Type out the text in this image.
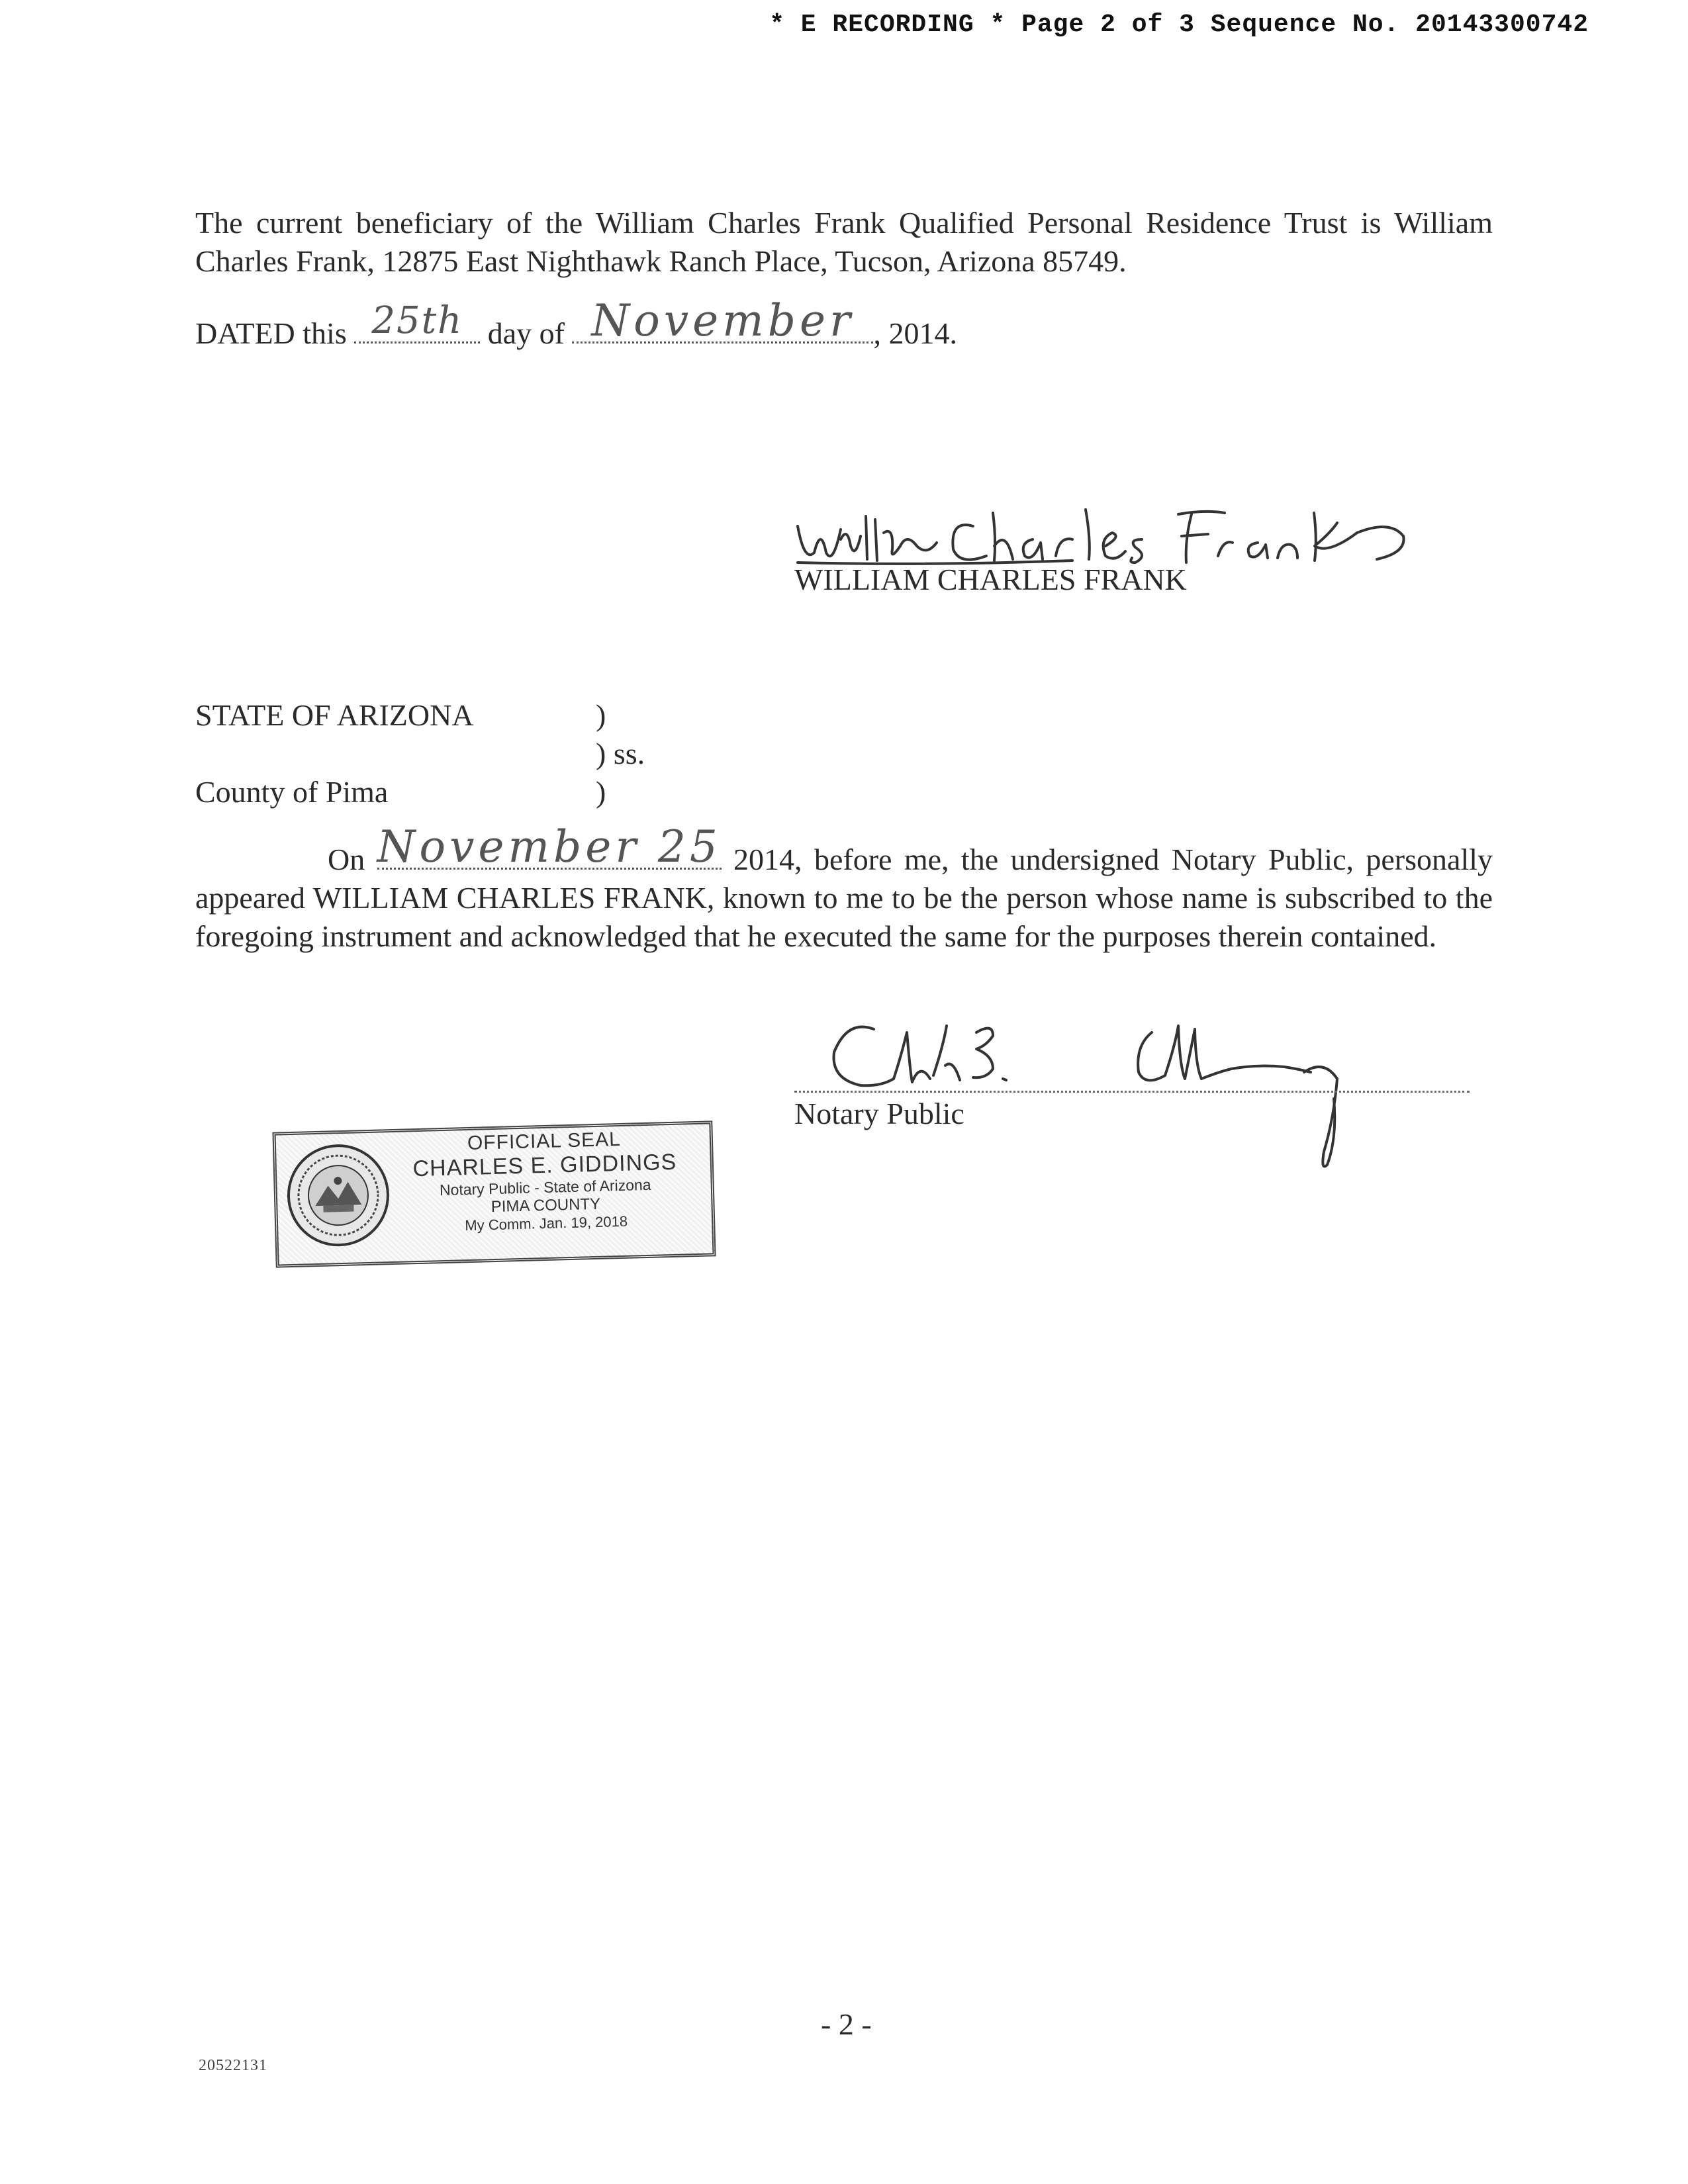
* E RECORDING * Page 2 of 3 Sequence No. 20143300742
The current beneficiary of the William Charles Frank Qualified Personal Residence Trust is William Charles Frank, 12875 East Nighthawk Ranch Place, Tucson, Arizona 85749.
DATED this 25th day of November , 2014.
WILLIAM CHARLES FRANK
STATE OF ARIZONA	)
) ss.
County of Pima	)
On November 25 2014, before me, the undersigned Notary Public, personally appeared WILLIAM CHARLES FRANK, known to me to be the person whose name is subscribed to the foregoing instrument and acknowledged that he executed the same for the purposes therein contained.
Notary Public
OFFICIAL SEAL
CHARLES E. GIDDINGS
Notary Public - State of Arizona
PIMA COUNTY
My Comm. Jan. 19, 2018
- 2 -
20522131
